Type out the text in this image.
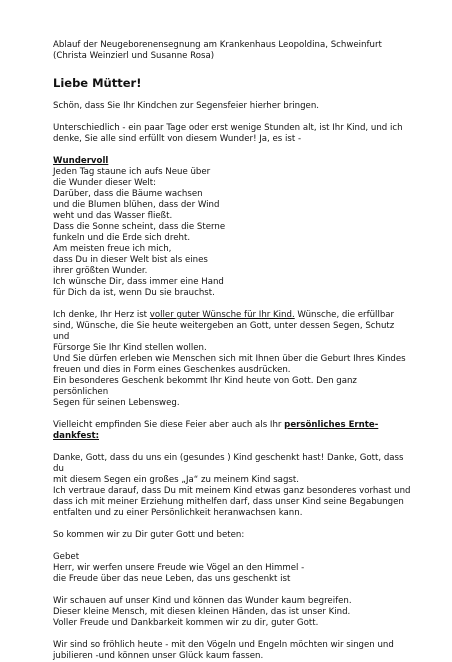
Ablauf der Neugeborenensegnung am Krankenhaus Leopoldina, Schweinfurt
(Christa Weinzierl und Susanne Rosa)
Liebe Mütter!
Schön, dass Sie Ihr Kindchen zur Segensfeier hierher bringen.
Unterschiedlich - ein paar Tage oder erst wenige Stunden alt, ist Ihr Kind, und ich
denke, Sie alle sind erfüllt von diesem Wunder! Ja, es ist -
Wundervoll
Jeden Tag staune ich aufs Neue über
die Wunder dieser Welt:
Darüber, dass die Bäume wachsen
und die Blumen blühen, dass der Wind
weht und das Wasser fließt.
Dass die Sonne scheint, dass die Sterne
funkeln und die Erde sich dreht.
Am meisten freue ich mich,
dass Du in dieser Welt bist als eines
ihrer größten Wunder.
Ich wünsche Dir, dass immer eine Hand
für Dich da ist, wenn Du sie brauchst.
Ich denke, Ihr Herz ist voller guter Wünsche für Ihr Kind. Wünsche, die erfüllbar
sind, Wünsche, die Sie heute weitergeben an Gott, unter dessen Segen, Schutz und
Fürsorge Sie Ihr Kind stellen wollen.
Und Sie dürfen erleben wie Menschen sich mit Ihnen über die Geburt Ihres Kindes
freuen und dies in Form eines Geschenkes ausdrücken.
Ein besonderes Geschenk bekommt Ihr Kind heute von Gott. Den ganz persönlichen
Segen für seinen Lebensweg.
Vielleicht empfinden Sie diese Feier aber auch als Ihr persönliches Ernte-dankfest:
Danke, Gott, dass du uns ein (gesundes ) Kind geschenkt hast! Danke, Gott, dass du
mit diesem Segen ein großes „Ja“ zu meinem Kind sagst.
Ich vertraue darauf, dass Du mit meinem Kind etwas ganz besonderes vorhast und
dass ich mit meiner Erziehung mithelfen darf, dass unser Kind seine Begabungen
entfalten und zu einer Persönlichkeit heranwachsen kann.
So kommen wir zu Dir guter Gott und beten:
Gebet
Herr, wir werfen unsere Freude wie Vögel an den Himmel -
die Freude über das neue Leben, das uns geschenkt ist
Wir schauen auf unser Kind und können das Wunder kaum begreifen.
Dieser kleine Mensch, mit diesen kleinen Händen, das ist unser Kind.
Voller Freude und Dankbarkeit kommen wir zu dir, guter Gott.
Wir sind so fröhlich heute - mit den Vögeln und Engeln möchten wir singen und
jubilieren -und können unser Glück kaum fassen.
